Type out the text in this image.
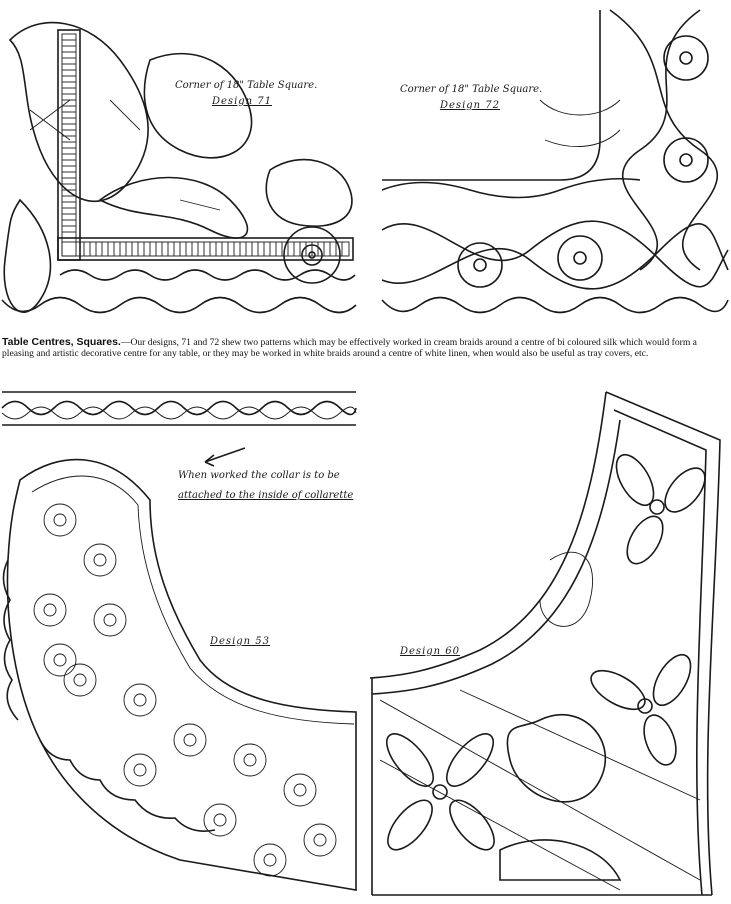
Corner of 18" Table Square.
Design 71
Corner of 18" Table Square.
Design 72
Table Centres, Squares.—Our designs, 71 and 72 shew two patterns which may be effectively worked in cream braids around a centre of bi coloured silk which would form a pleasing and artistic decorative centre for any table, or they may be worked in white braids around a centre of white linen, when would also be useful as tray covers, etc.
When worked the collar is to be
attached to the inside of collarette
Design 53
Design 60
